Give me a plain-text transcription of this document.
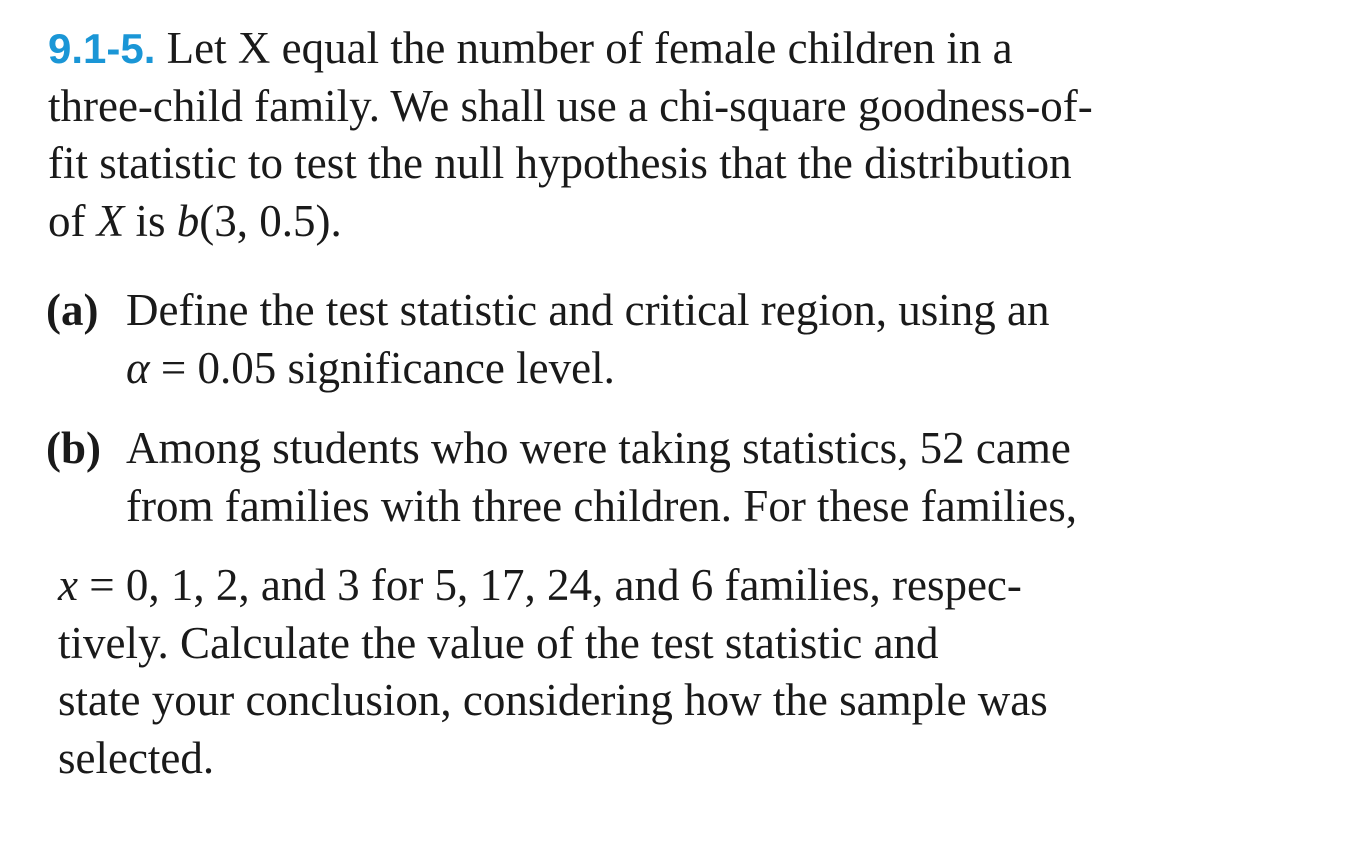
9.1-5. Let X equal the number of female children in a
three-child family. We shall use a chi-square goodness-of-
fit statistic to test the null hypothesis that the distribution
of X is b(3, 0.5).
(a) Define the test statistic and critical region, using an
α = 0.05 significance level.
(b) Among students who were taking statistics, 52 came
from families with three children. For these families,
x = 0, 1, 2, and 3 for 5, 17, 24, and 6 families, respec-
tively. Calculate the value of the test statistic and
state your conclusion, considering how the sample was
selected.
